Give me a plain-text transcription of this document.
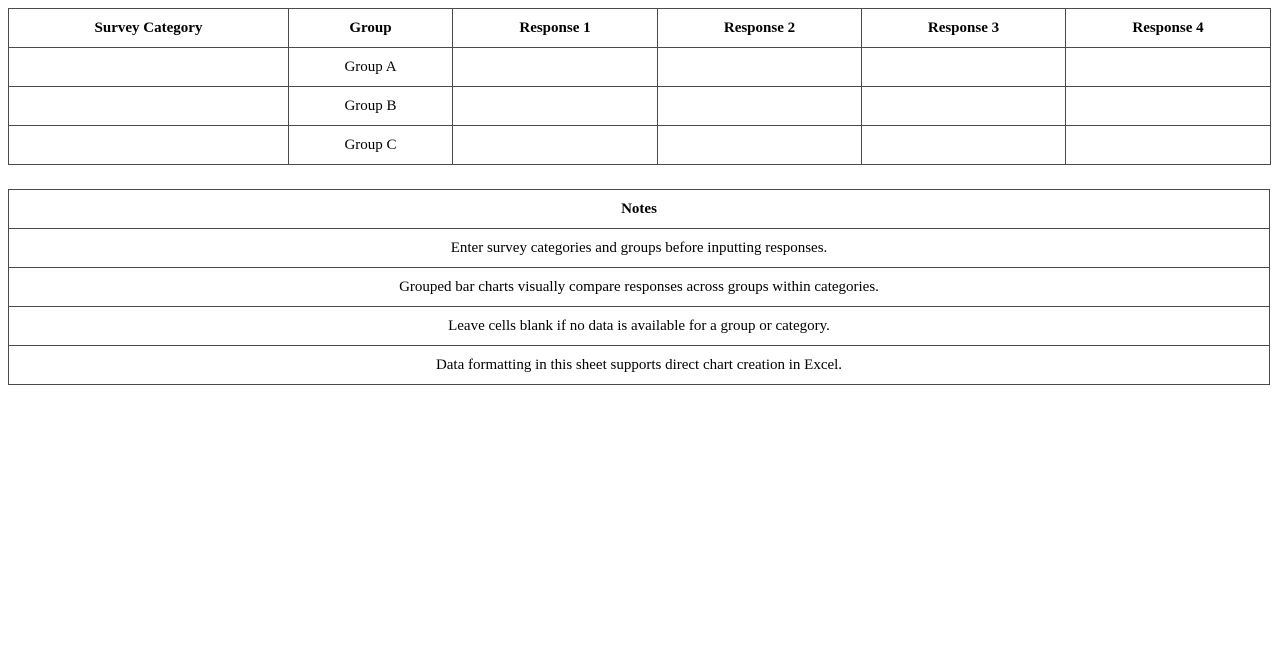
Survey Category	Group	Response 1	Response 2	Response 3	Response 4
	Group A				
	Group B				
	Group C				
Notes
Enter survey categories and groups before inputting responses.
Grouped bar charts visually compare responses across groups within categories.
Leave cells blank if no data is available for a group or category.
Data formatting in this sheet supports direct chart creation in Excel.
